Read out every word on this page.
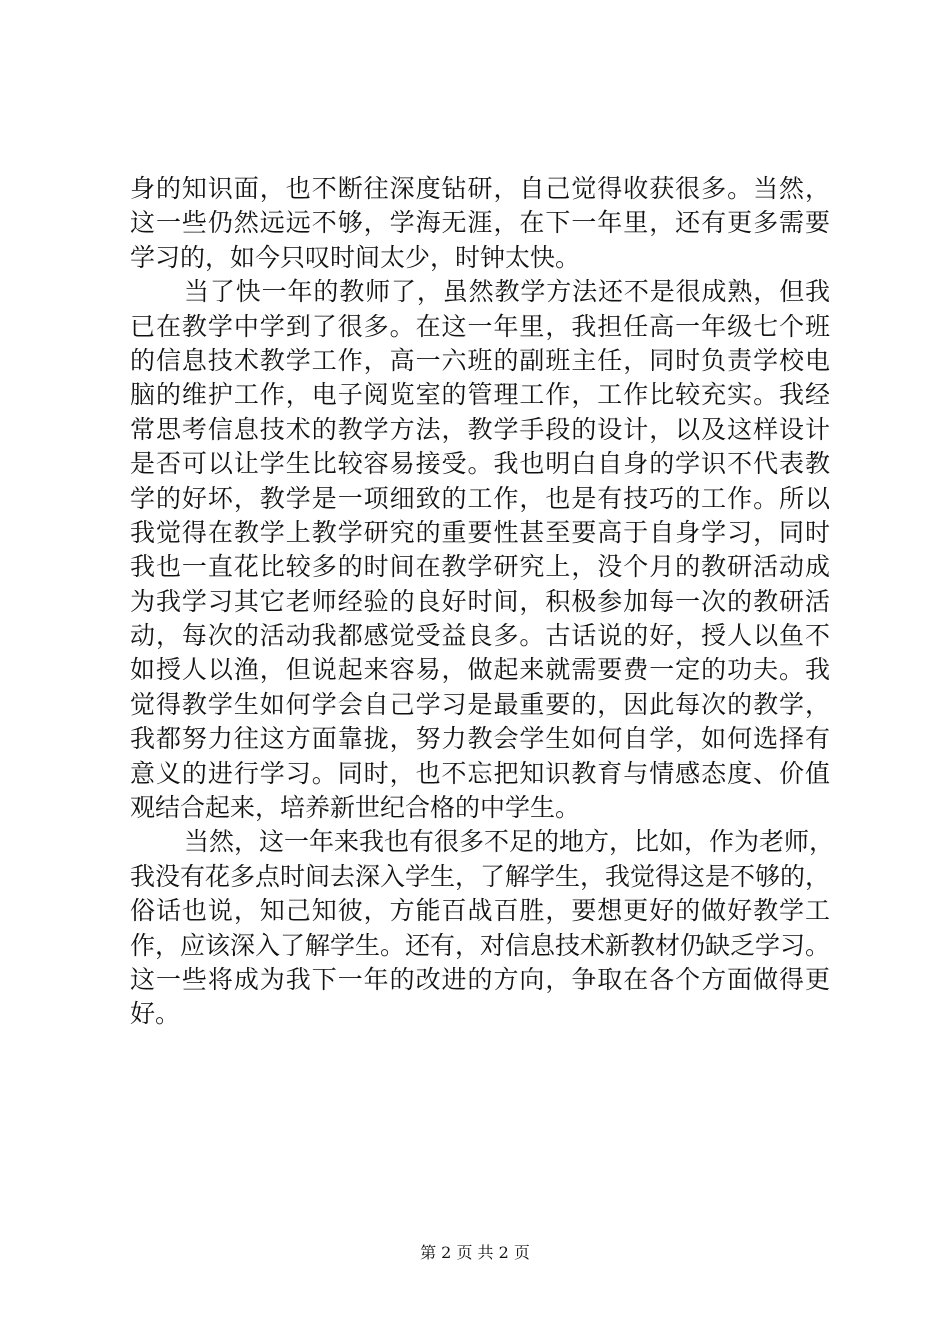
身的知识面，也不断往深度钻研，自己觉得收获很多。当然，
这一些仍然远远不够，学海无涯，在下一年里，还有更多需要
学习的，如今只叹时间太少，时钟太快。
当了快一年的教师了，虽然教学方法还不是很成熟，但我
已在教学中学到了很多。在这一年里，我担任高一年级七个班
的信息技术教学工作，高一六班的副班主任，同时负责学校电
脑的维护工作，电子阅览室的管理工作，工作比较充实。我经
常思考信息技术的教学方法，教学手段的设计，以及这样设计
是否可以让学生比较容易接受。我也明白自身的学识不代表教
学的好坏，教学是一项细致的工作，也是有技巧的工作。所以
我觉得在教学上教学研究的重要性甚至要高于自身学习，同时
我也一直花比较多的时间在教学研究上，没个月的教研活动成
为我学习其它老师经验的良好时间，积极参加每一次的教研活
动，每次的活动我都感觉受益良多。古话说的好，授人以鱼不
如授人以渔，但说起来容易，做起来就需要费一定的功夫。我
觉得教学生如何学会自己学习是最重要的，因此每次的教学，
我都努力往这方面靠拢，努力教会学生如何自学，如何选择有
意义的进行学习。同时，也不忘把知识教育与情感态度、价值
观结合起来，培养新世纪合格的中学生。
当然，这一年来我也有很多不足的地方，比如，作为老师，
我没有花多点时间去深入学生，了解学生，我觉得这是不够的，
俗话也说，知己知彼，方能百战百胜，要想更好的做好教学工
作，应该深入了解学生。还有，对信息技术新教材仍缺乏学习。
这一些将成为我下一年的改进的方向，争取在各个方面做得更
好。
第 2 页 共 2 页
